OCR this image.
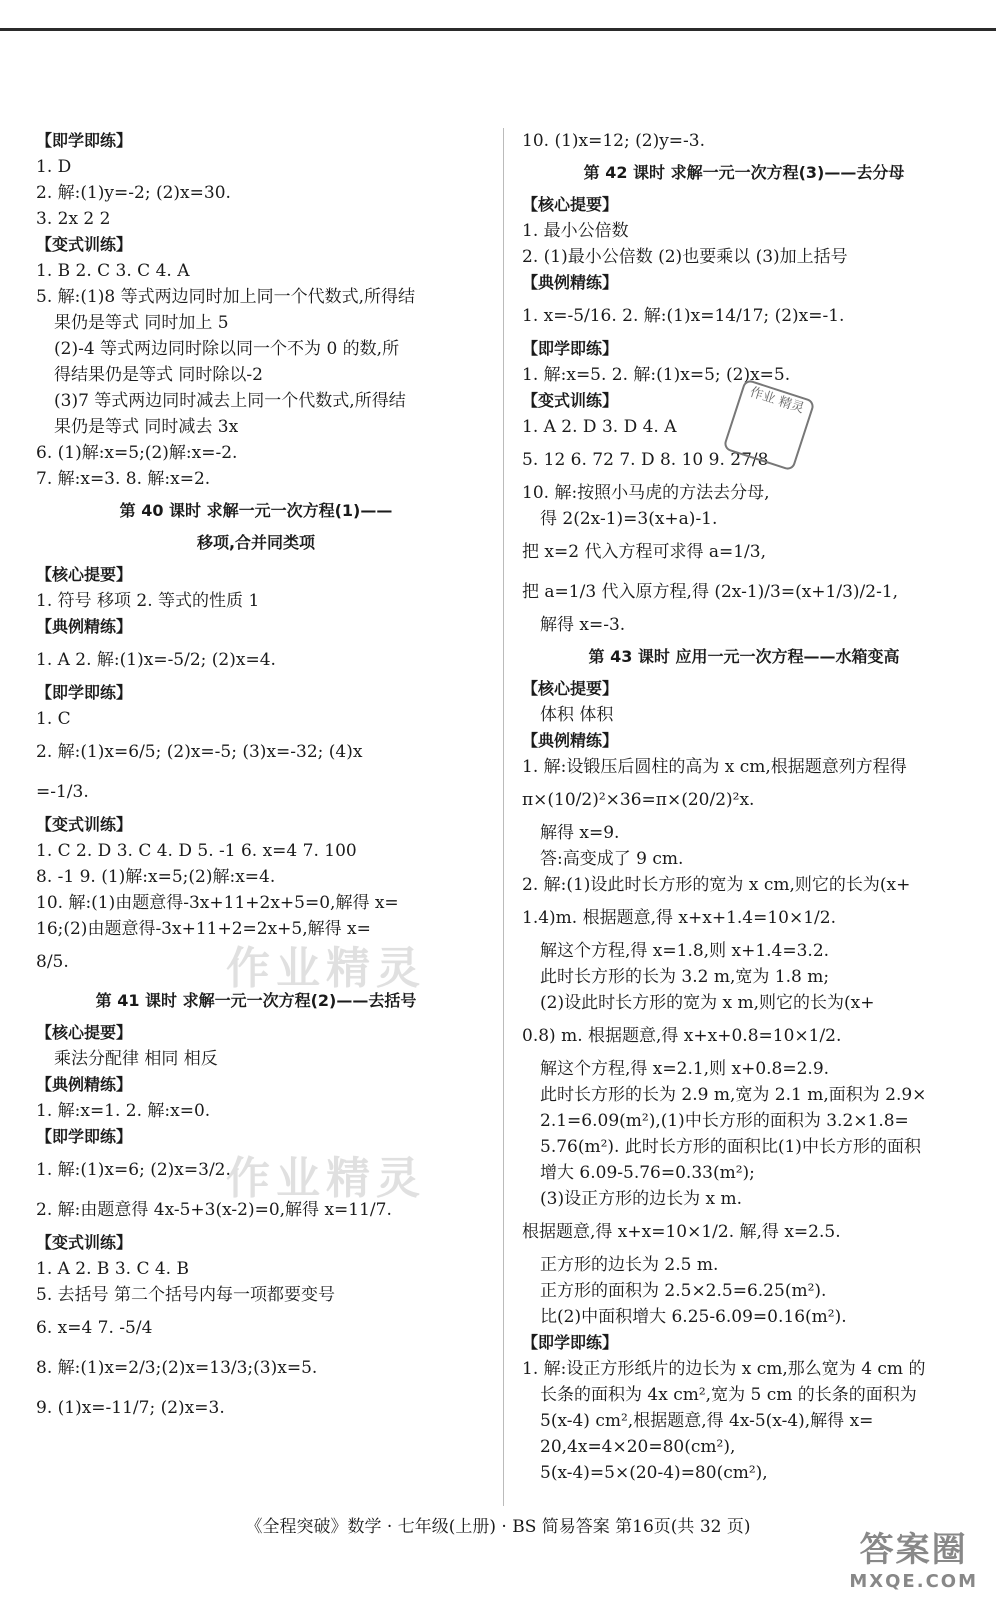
【即学即练】
1. D
2. 解:(1)y=-2; (2)x=30.
3. 2x 2 2
【变式训练】
1. B 2. C 3. C 4. A
5. 解:(1)8 等式两边同时加上同一个代数式,所得结
果仍是等式 同时加上 5
(2)-4 等式两边同时除以同一个不为 0 的数,所
得结果仍是等式 同时除以-2
(3)7 等式两边同时减去上同一个代数式,所得结
果仍是等式 同时减去 3x
6. (1)解:x=5;(2)解:x=-2.
7. 解:x=3. 8. 解:x=2.
第 40 课时 求解一元一次方程(1)——
移项,合并同类项
【核心提要】
1. 符号 移项 2. 等式的性质 1
【典例精练】
1. A 2. 解:(1)x=-5/2; (2)x=4.
【即学即练】
1. C
2. 解:(1)x=6/5; (2)x=-5; (3)x=-32; (4)x
=-1/3.
【变式训练】
1. C 2. D 3. C 4. D 5. -1 6. x=4 7. 100
8. -1 9. (1)解:x=5;(2)解:x=4.
10. 解:(1)由题意得-3x+11+2x+5=0,解得 x=
16;(2)由题意得-3x+11+2=2x+5,解得 x=
8/5.
第 41 课时 求解一元一次方程(2)——去括号
【核心提要】
乘法分配律 相同 相反
【典例精练】
1. 解:x=1. 2. 解:x=0.
【即学即练】
1. 解:(1)x=6; (2)x=3/2.
2. 解:由题意得 4x-5+3(x-2)=0,解得 x=11/7.
【变式训练】
1. A 2. B 3. C 4. B
5. 去括号 第二个括号内每一项都要变号
6. x=4 7. -5/4
8. 解:(1)x=2/3;(2)x=13/3;(3)x=5.
9. (1)x=-11/7; (2)x=3.
10. (1)x=12; (2)y=-3.
第 42 课时 求解一元一次方程(3)——去分母
【核心提要】
1. 最小公倍数
2. (1)最小公倍数 (2)也要乘以 (3)加上括号
【典例精练】
1. x=-5/16. 2. 解:(1)x=14/17; (2)x=-1.
【即学即练】
1. 解:x=5. 2. 解:(1)x=5; (2)x=5.
【变式训练】
1. A 2. D 3. D 4. A
5. 12 6. 72 7. D 8. 10 9. 27/8
10. 解:按照小马虎的方法去分母,
得 2(2x-1)=3(x+a)-1.
把 x=2 代入方程可求得 a=1/3,
把 a=1/3 代入原方程,得 (2x-1)/3=(x+1/3)/2-1,
解得 x=-3.
第 43 课时 应用一元一次方程——水箱变高
【核心提要】
体积 体积
【典例精练】
1. 解:设锻压后圆柱的高为 x cm,根据题意列方程得
π×(10/2)²×36=π×(20/2)²x.
解得 x=9.
答:高变成了 9 cm.
2. 解:(1)设此时长方形的宽为 x cm,则它的长为(x+
1.4)m. 根据题意,得 x+x+1.4=10×1/2.
解这个方程,得 x=1.8,则 x+1.4=3.2.
此时长方形的长为 3.2 m,宽为 1.8 m;
(2)设此时长方形的宽为 x m,则它的长为(x+
0.8) m. 根据题意,得 x+x+0.8=10×1/2.
解这个方程,得 x=2.1,则 x+0.8=2.9.
此时长方形的长为 2.9 m,宽为 2.1 m,面积为 2.9×
2.1=6.09(m²),(1)中长方形的面积为 3.2×1.8=
5.76(m²). 此时长方形的面积比(1)中长方形的面积
增大 6.09-5.76=0.33(m²);
(3)设正方形的边长为 x m.
根据题意,得 x+x=10×1/2. 解,得 x=2.5.
正方形的边长为 2.5 m.
正方形的面积为 2.5×2.5=6.25(m²).
比(2)中面积增大 6.25-6.09=0.16(m²).
【即学即练】
1. 解:设正方形纸片的边长为 x cm,那么宽为 4 cm 的
长条的面积为 4x cm²,宽为 5 cm 的长条的面积为
5(x-4) cm²,根据题意,得 4x-5(x-4),解得 x=
20,4x=4×20=80(cm²),
5(x-4)=5×(20-4)=80(cm²),
作业精灵
作业精灵
作业 精灵
《全程突破》数学 · 七年级(上册) · BS 简易答案 第16页(共 32 页)
答案圈
MXQE.COM
